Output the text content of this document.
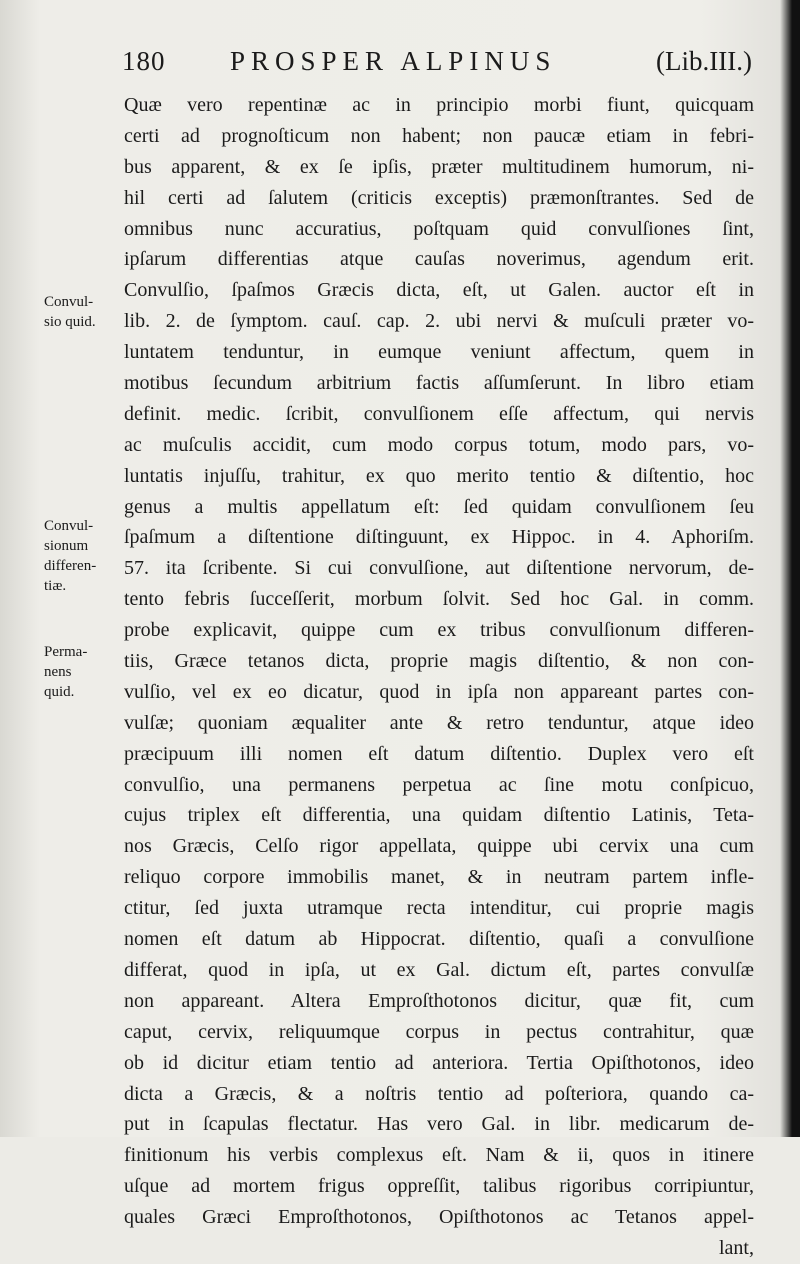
180 PROSPER ALPINUS	(Lib.III.)
Convul-
sio quid.
Convul-
sionum
differen-
tiæ.
Perma-
nens
quid.
Quæ vero repentinæ ac in principio morbi fiunt, quicquam
certi ad prognoſticum non habent; non paucæ etiam in febri-
bus apparent, & ex ſe ipſis, præter multitudinem humorum, ni-
hil certi ad ſalutem (criticis exceptis) præmonſtrantes. Sed de
omnibus nunc accuratius, poſtquam quid convulſiones ſint,
ipſarum differentias atque cauſas noverimus, agendum erit.
Convulſio, ſpaſmos Græcis dicta, eſt, ut Galen. auctor eſt in
lib. 2. de ſymptom. cauſ. cap. 2. ubi nervi & muſculi præter vo-
luntatem tenduntur, in eumque veniunt affectum, quem in
motibus ſecundum arbitrium factis aſſumſerunt. In libro etiam
definit. medic. ſcribit, convulſionem eſſe affectum, qui nervis
ac muſculis accidit, cum modo corpus totum, modo pars, vo-
luntatis injuſſu, trahitur, ex quo merito tentio & diſtentio, hoc
genus a multis appellatum eſt: ſed quidam convulſionem ſeu
ſpaſmum a diſtentione diſtinguunt, ex Hippoc. in 4. Aphoriſm.
57. ita ſcribente. Si cui convulſione, aut diſtentione nervorum, de-
tento febris ſucceſſerit, morbum ſolvit. Sed hoc Gal. in comm.
probe explicavit, quippe cum ex tribus convulſionum differen-
tiis, Græce tetanos dicta, proprie magis diſtentio, & non con-
vulſio, vel ex eo dicatur, quod in ipſa non appareant partes con-
vulſæ; quoniam æqualiter ante & retro tenduntur, atque ideo
præcipuum illi nomen eſt datum diſtentio. Duplex vero eſt
convulſio, una permanens perpetua ac ſine motu conſpicuo,
cujus triplex eſt differentia, una quidam diſtentio Latinis, Teta-
nos Græcis, Celſo rigor appellata, quippe ubi cervix una cum
reliquo corpore immobilis manet, & in neutram partem infle-
ctitur, ſed juxta utramque recta intenditur, cui proprie magis
nomen eſt datum ab Hippocrat. diſtentio, quaſi a convulſione
differat, quod in ipſa, ut ex Gal. dictum eſt, partes convulſæ
non appareant. Altera Emproſthotonos dicitur, quæ fit, cum
caput, cervix, reliquumque corpus in pectus contrahitur, quæ
ob id dicitur etiam tentio ad anteriora. Tertia Opiſthotonos, ideo
dicta a Græcis, & a noſtris tentio ad poſteriora, quando ca-
put in ſcapulas flectatur. Has vero Gal. in libr. medicarum de-
finitionum his verbis complexus eſt. Nam & ii, quos in itinere
uſque ad mortem frigus oppreſſit, talibus rigoribus corripiuntur,
quales Græci Emproſthotonos, Opiſthotonos ac Tetanos appel-
lant,
